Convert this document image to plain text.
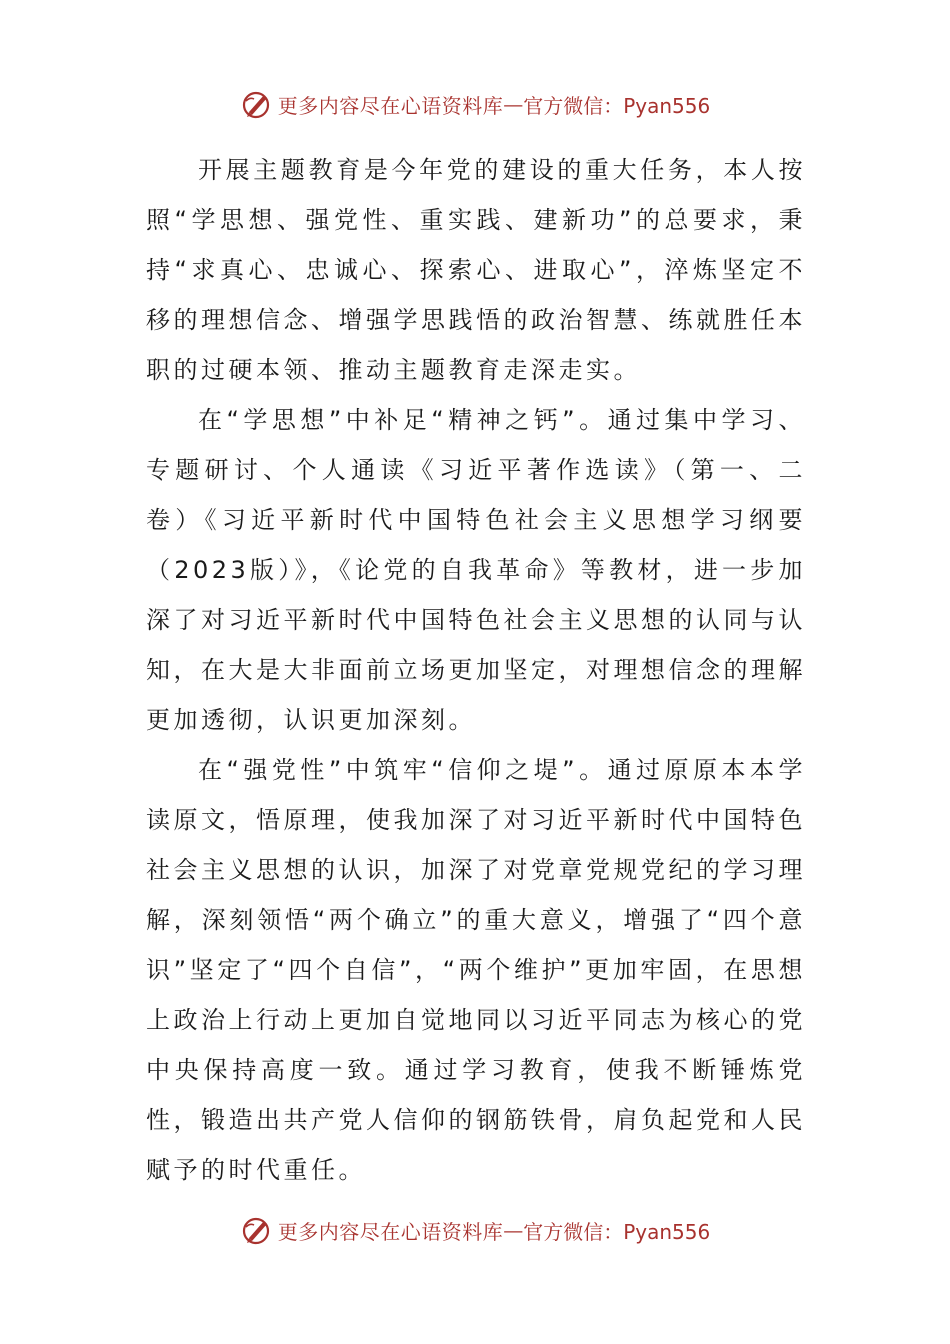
更多内容尽在心语资料库 — 官方微信：Pyan556

开展主题教育是今年党的建设的重大任务，本人按照“学思想、强党性、重实践、建新功”的总要求，秉持“求真心、忠诚心、探索心、进取心”，淬炼坚定不移的理想信念、增强学思践悟的政治智慧、练就胜任本职的过硬本领、推动主题教育走深走实。

在“学思想”中补足“精神之钙”。通过集中学习、专题研讨、个人通读《习近平著作选读》（第一、二卷）《习近平新时代中国特色社会主义思想学习纲要（2023版）》，《论党的自我革命》等教材，进一步加深了对习近平新时代中国特色社会主义思想的认同与认知，在大是大非面前立场更加坚定，对理想信念的理解更加透彻，认识更加深刻。

在“强党性”中筑牢“信仰之堤”。通过原原本本学读原文，悟原理，使我加深了对习近平新时代中国特色社会主义思想的认识，加深了对党章党规党纪的学习理解，深刻领悟“两个确立”的重大意义，增强了“四个意识”坚定了“四个自信”，“两个维护”更加牢固，在思想上政治上行动上更加自觉地同以习近平同志为核心的党中央保持高度一致。通过学习教育，使我不断锤炼党性，锻造出共产党人信仰的钢筋铁骨，肩负起党和人民赋予的时代重任。

更多内容尽在心语资料库 — 官方微信：Pyan556
